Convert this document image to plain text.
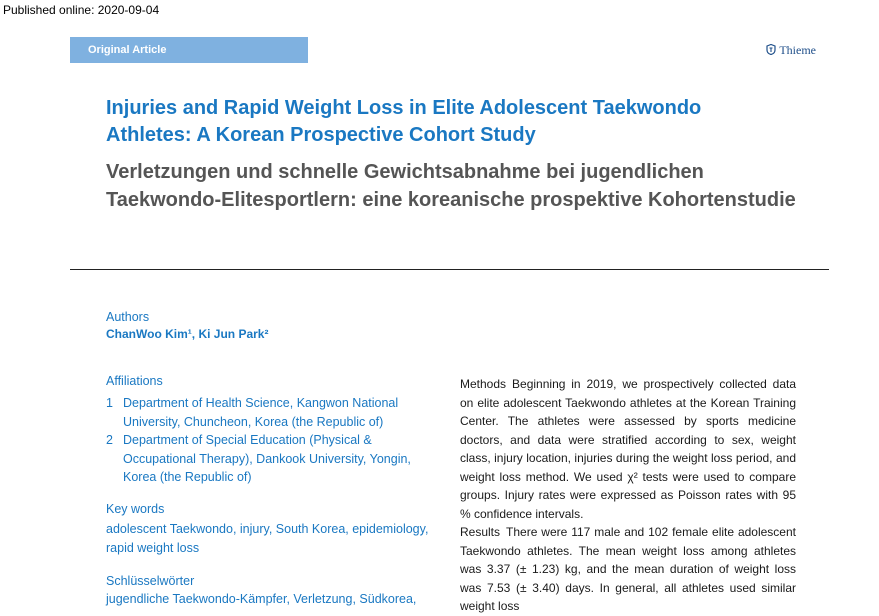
Published online: 2020-09-04
Original Article	Thieme
Injuries and Rapid Weight Loss in Elite Adolescent Taekwondo Athletes: A Korean Prospective Cohort Study
Verletzungen und schnelle Gewichtsabnahme bei jugendlichen Taekwondo-Elitesportlern: eine koreanische prospektive Kohortenstudie
Authors
ChanWoo Kim¹, Ki Jun Park²
Affiliations
1 Department of Health Science, Kangwon National University, Chuncheon, Korea (the Republic of)
2 Department of Special Education (Physical & Occupational Therapy), Dankook University, Yongin, Korea (the Republic of)
Key words
adolescent Taekwondo, injury, South Korea, epidemiology, rapid weight loss
Schlüsselwörter
jugendliche Taekwondo-Kämpfer, Verletzung, Südkorea,

Methods Beginning in 2019, we prospectively collected data on elite adolescent Taekwondo athletes at the Korean Training Center. The athletes were assessed by sports medicine doctors, and data were stratified according to sex, weight class, injury location, injuries during the weight loss period, and weight loss method. We used χ² tests were used to compare groups. Injury rates were expressed as Poisson rates with 95 % confidence intervals.

Results There were 117 male and 102 female elite adolescent Taekwondo athletes. The mean weight loss among athletes was 3.37 (± 1.23) kg, and the mean duration of weight loss was 7.53 (± 3.40) days. In general, all athletes used similar weight loss
